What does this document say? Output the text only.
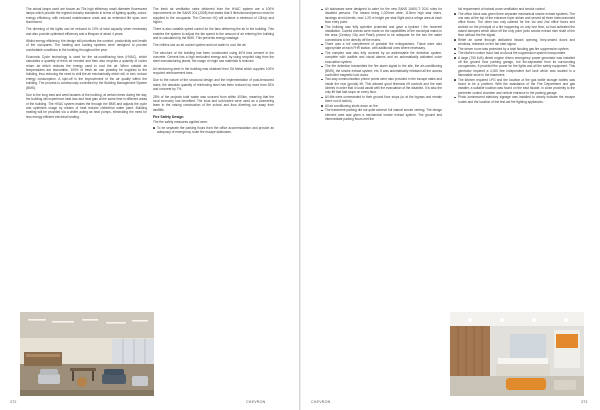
The actual lamps used are known as T5s high efficiency small diameter fluorescent lamps which provide the highest industry standards in terms of lighting quality, colour, energy efficiency, with reduced maintenance costs and an extended life span over fluorescent.

The dimming of the lights can be reduced to 10% of total capacity when necessary and also provide optimised efficiency and a lifespan of about 4 years.

Whilst energy efficiency, the design still prioritises the comfort, productivity and health of the occupants. The heating and cooling systems were designed to provide comfortable conditions in the building throughout the year.

Economic Cycle technology is used for the air-conditioning fans (HVAC), which calculates a quantity of fresh air needed and then also recycles a quantity of cooler return air which reduces the energy used to cool the air. When outside air temperatures are favourable, 100% of fresh air can possibly be supplied to the building, thus reducing the need to chill the air mechanically which will, in turn, reduce energy consumption. A spin-off is the improvement of the air quality within the building. The process is continuously controlled by the Building Management System (BMS).

Due to the long east and west facades of the building, at certain times during the day, the building will experience heat loss and heat gain at the same time in different areas of the building. The HVAC system makes the through the BMS and adjusts the cycle and optimises usage by means of heat reclaim chilled/hot water plant. Building heating will be provided via a chiller acting as heat pumps, eliminating the need for less energy efficient electrical heating.

The fresh air ventilation rates delivered from the HVAC system are a 100% improvement on the SANS 204 (2008) that states that 5 litres/second/person must be supplied to the occupants. The Chevron HQ will achieve a minimum of 10l/s/p and higher.

There is also variable speed control for the fans delivering the air to the building. This enables the system to adjust the fan speed to the amount of air entering the building and is calculated by the BMS. This prevents energy wastage.

The chillers use an air cooled system and not water to cool the air.

The structure of the building has been constructed using 40% less cement in the concrete. Cement has a high embodied energy and, by using recycled slag from the steel manufacturing plants, the usage of virgin raw materials is reduced.

All reinforcing steel in the building was obtained from SA Metal which supplies 100% recycled reinforcement bars.

Due to the nature of the structural design and the implementation of post-tensioned slabs, the absolute quantity of reinforcing steel has been reduced by more than 30% and concrete by 7%.

28% of the projects total waste was sourced from within 400km, meaning that the local economy has benefited. The local and sub-trades were used as a pioneering team in the raising construction of the school and thus diverting our away from landfills.

Fire Safety Design

The fire safety measures applied were:

To be separate the parking floors from the office accommodation and provide an adequacy of emergency route fire escape staircases.
372	CHEVRON
All staircases were designed to cater for the new SANS 10400-T: 2011 rules for disabled persons. The means being 1,000mm wide, 110mm high stair risers, landings at mid-levels, max 1:25 m height per stair flight and a refuge area at each floor entry point.
The building was fully sprinkler protected and gave a hydrant / fire hosereel installation. Careful checks were made on the capabilities of the municipal mains in the area (Century City and Paarl) proved to be adequate for the two fire water connections to be directly off the mains.
There was a full complement of portable fire extinguishers. These were also appropriate at each FHR station, with additional ones where necessary.
The complex was also fully covered by an addressable fire detection system, complete with audible and visual alarms and an automatically activated voice evacuation system.
The fire detection transmitted the fire alarm signal to the site, the air-conditioning (BMS), the smoke extract system, etc. It was automatically released all the access controlled magnetic lock doors.
Two-way communication phone points were also provided in the escape stairs and inside the rear (goods) lift. This allowed good firemans lift controls and fire stair lobbies in order that it could assist with the evacuation of the disabled. It is also the only lift that had stops on every floor.
All lifts were commanded to their ground floor stops (or at the bypass and remain there out of action).
All air conditioning shuts down on fire.
The basement parking did not quite achieve full natural smoke venting. The design element area was given a mechanical smoke extract system. The ground and intermediate parking floors met the
full requirement of natural cross ventilation and smoke control.
The office block was given three separate mechanical smoke extract systems. The one was at the top of the entrance foyer atrium and served all three interconnected office floors. The other two only catered for the 1st and 2nd office floors and worked on the principal of a fire happening on only one floor, so had activated the raised dampers which allow off the only point (onto smoke extract riser shaft of the floor without the fire signal.
Relief air came through dedicated inward opening, they-sealed doors and windows, released on the fan start signal.
The server room was protected by a total flooding gas fire suppression system.
The kitchen cooker hood had an Ansul fire suppression system incorporated.
A large (750 kVA) diesel engine driven emergency power generator was installed off the ground floor parking garage, but fire-separated from its surrounding occupancies. It provided the power for the lights and all the safety equipment. This generator required a 4,000 litre independent fuel tank which was located in a flammable store in the basement.
The kitchen required LPG and the location of the gas bottle storage bottles was found to be a problem. With the assistance of the Fire Department and gas installer, a suitable location was found on the east facade, in close proximity to the perimeter control chamber and vehicle entrance to the parking garage.
Photo luminescent statutory signage was installed to clearly indicate the escape routes and the location of the first aid fire fighting appliances.
CHEVRON	373
